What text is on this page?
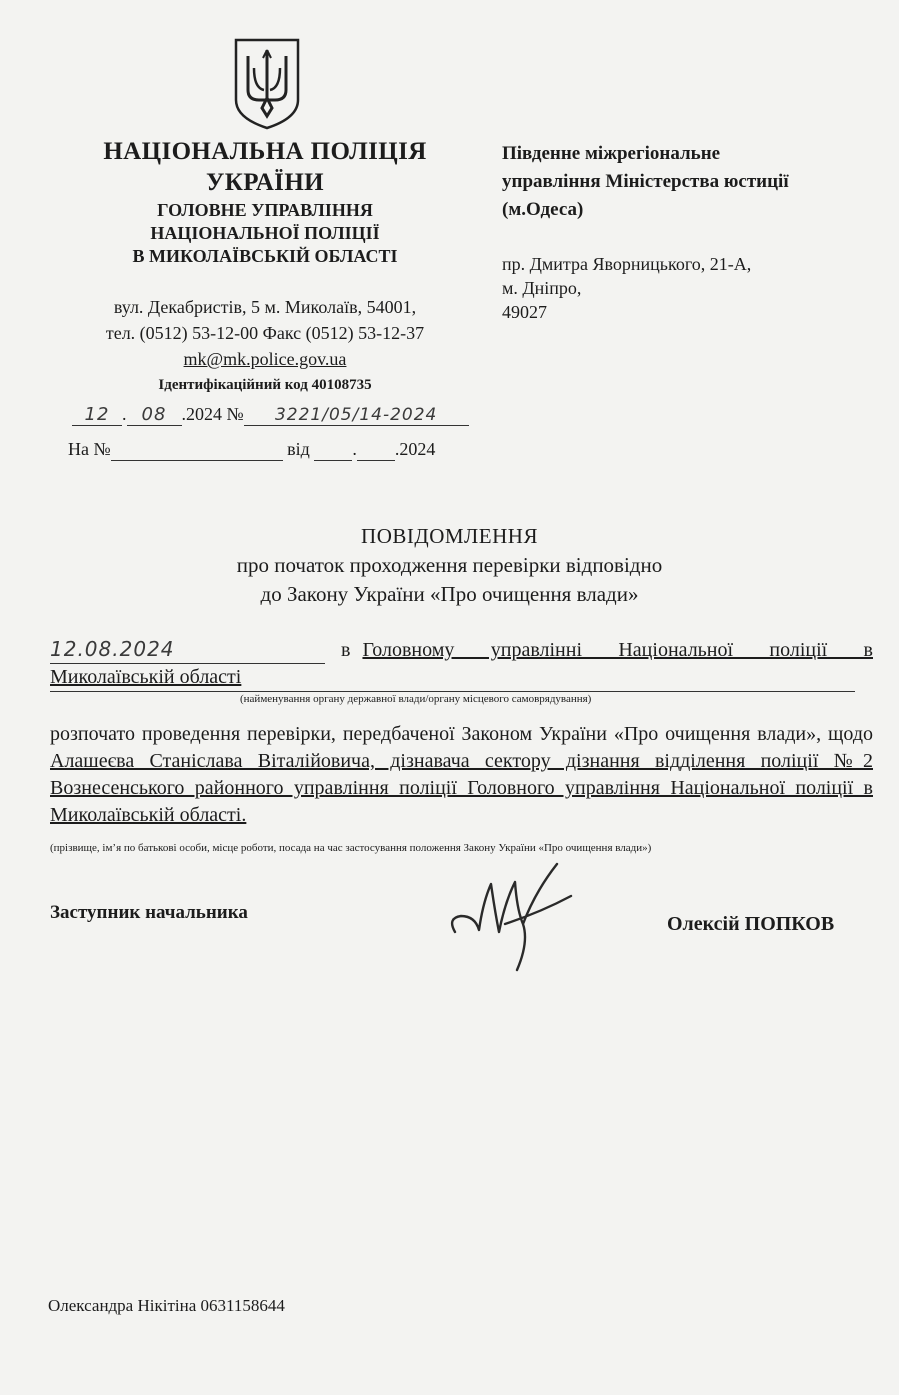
НАЦІОНАЛЬНА ПОЛІЦІЯ
УКРАЇНИ
ГОЛОВНЕ УПРАВЛІННЯ
НАЦІОНАЛЬНОЇ ПОЛІЦІЇ
В МИКОЛАЇВСЬКІЙ ОБЛАСТІ
вул. Декабристів, 5 м. Миколаїв, 54001,
тел. (0512) 53-12-00 Факс (0512) 53-12-37
mk@mk.police.gov.ua
Ідентифікаційний код 40108735
Південне міжрегіональне
управління Міністерства юстиції
(м.Одеса)
пр. Дмитра Яворницького, 21-А,
м. Дніпро,
49027
12 . 08 .2024 № 3221/05/14-2024
На №	від . .2024
ПОВІДОМЛЕННЯ
про початок проходження перевірки відповідно
до Закону України «Про очищення влади»
12.08.2024	в Головному управлінні Національної поліції в
Миколаївській області
(найменування органу державної влади/органу місцевого самоврядування)
розпочато проведення перевірки, передбаченої Законом України «Про очищення влади», щодо Алашеєва Станіслава Віталійовича, дізнавача сектору дізнання відділення поліції №2 Вознесенського районного управління поліції Головного управління Національної поліції в Миколаївській області.
(прізвище, ім’я по батькові особи, місце роботи, посада на час застосування положення Закону України «Про очищення влади»)
Заступник начальника
Олексій ПОПКОВ
Олександра Нікітіна 0631158644
